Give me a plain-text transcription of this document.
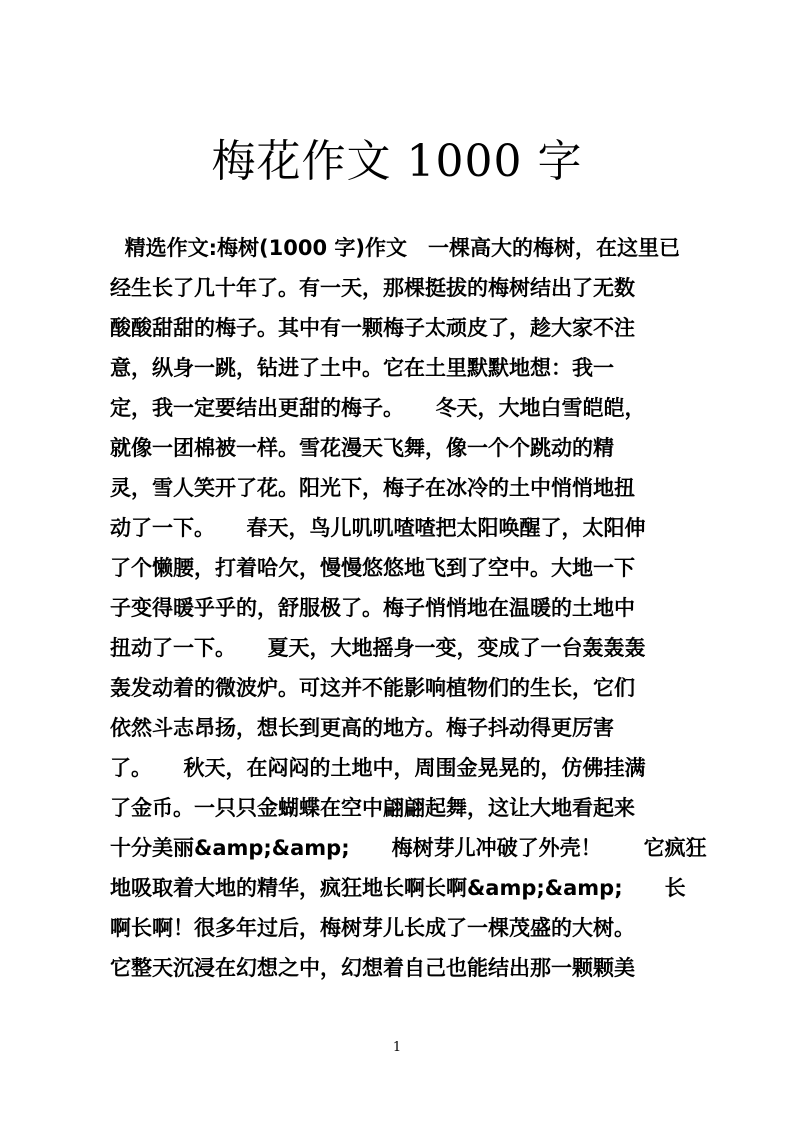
梅花作文 1000 字
精选作文:梅树(1000 字)作文　一棵高大的梅树，在这里已
经生长了几十年了。有一天，那棵挺拔的梅树结出了无数
酸酸甜甜的梅子。其中有一颗梅子太顽皮了，趁大家不注
意，纵身一跳，钻进了土中。它在土里默默地想：我一
定，我一定要结出更甜的梅子。　　冬天，大地白雪皑皑，
就像一团棉被一样。雪花漫天飞舞，像一个个跳动的精
灵，雪人笑开了花。阳光下，梅子在冰冷的土中悄悄地扭
动了一下。　　春天，鸟儿叽叽喳喳把太阳唤醒了，太阳伸
了个懒腰，打着哈欠，慢慢悠悠地飞到了空中。大地一下
子变得暖乎乎的，舒服极了。梅子悄悄地在温暖的土地中
扭动了一下。　　夏天，大地摇身一变，变成了一台轰轰轰
轰发动着的微波炉。可这并不能影响植物们的生长，它们
依然斗志昂扬，想长到更高的地方。梅子抖动得更厉害
了。　　秋天，在闷闷的土地中，周围金晃晃的，仿佛挂满
了金币。一只只金蝴蝶在空中翩翩起舞，这让大地看起来
十分美丽&amp;&amp;　　梅树芽儿冲破了外壳！　　它疯狂
地吸取着大地的精华，疯狂地长啊长啊&amp;&amp;　　长
啊长啊！很多年过后，梅树芽儿长成了一棵茂盛的大树。
它整天沉浸在幻想之中，幻想着自己也能结出那一颗颗美
1
